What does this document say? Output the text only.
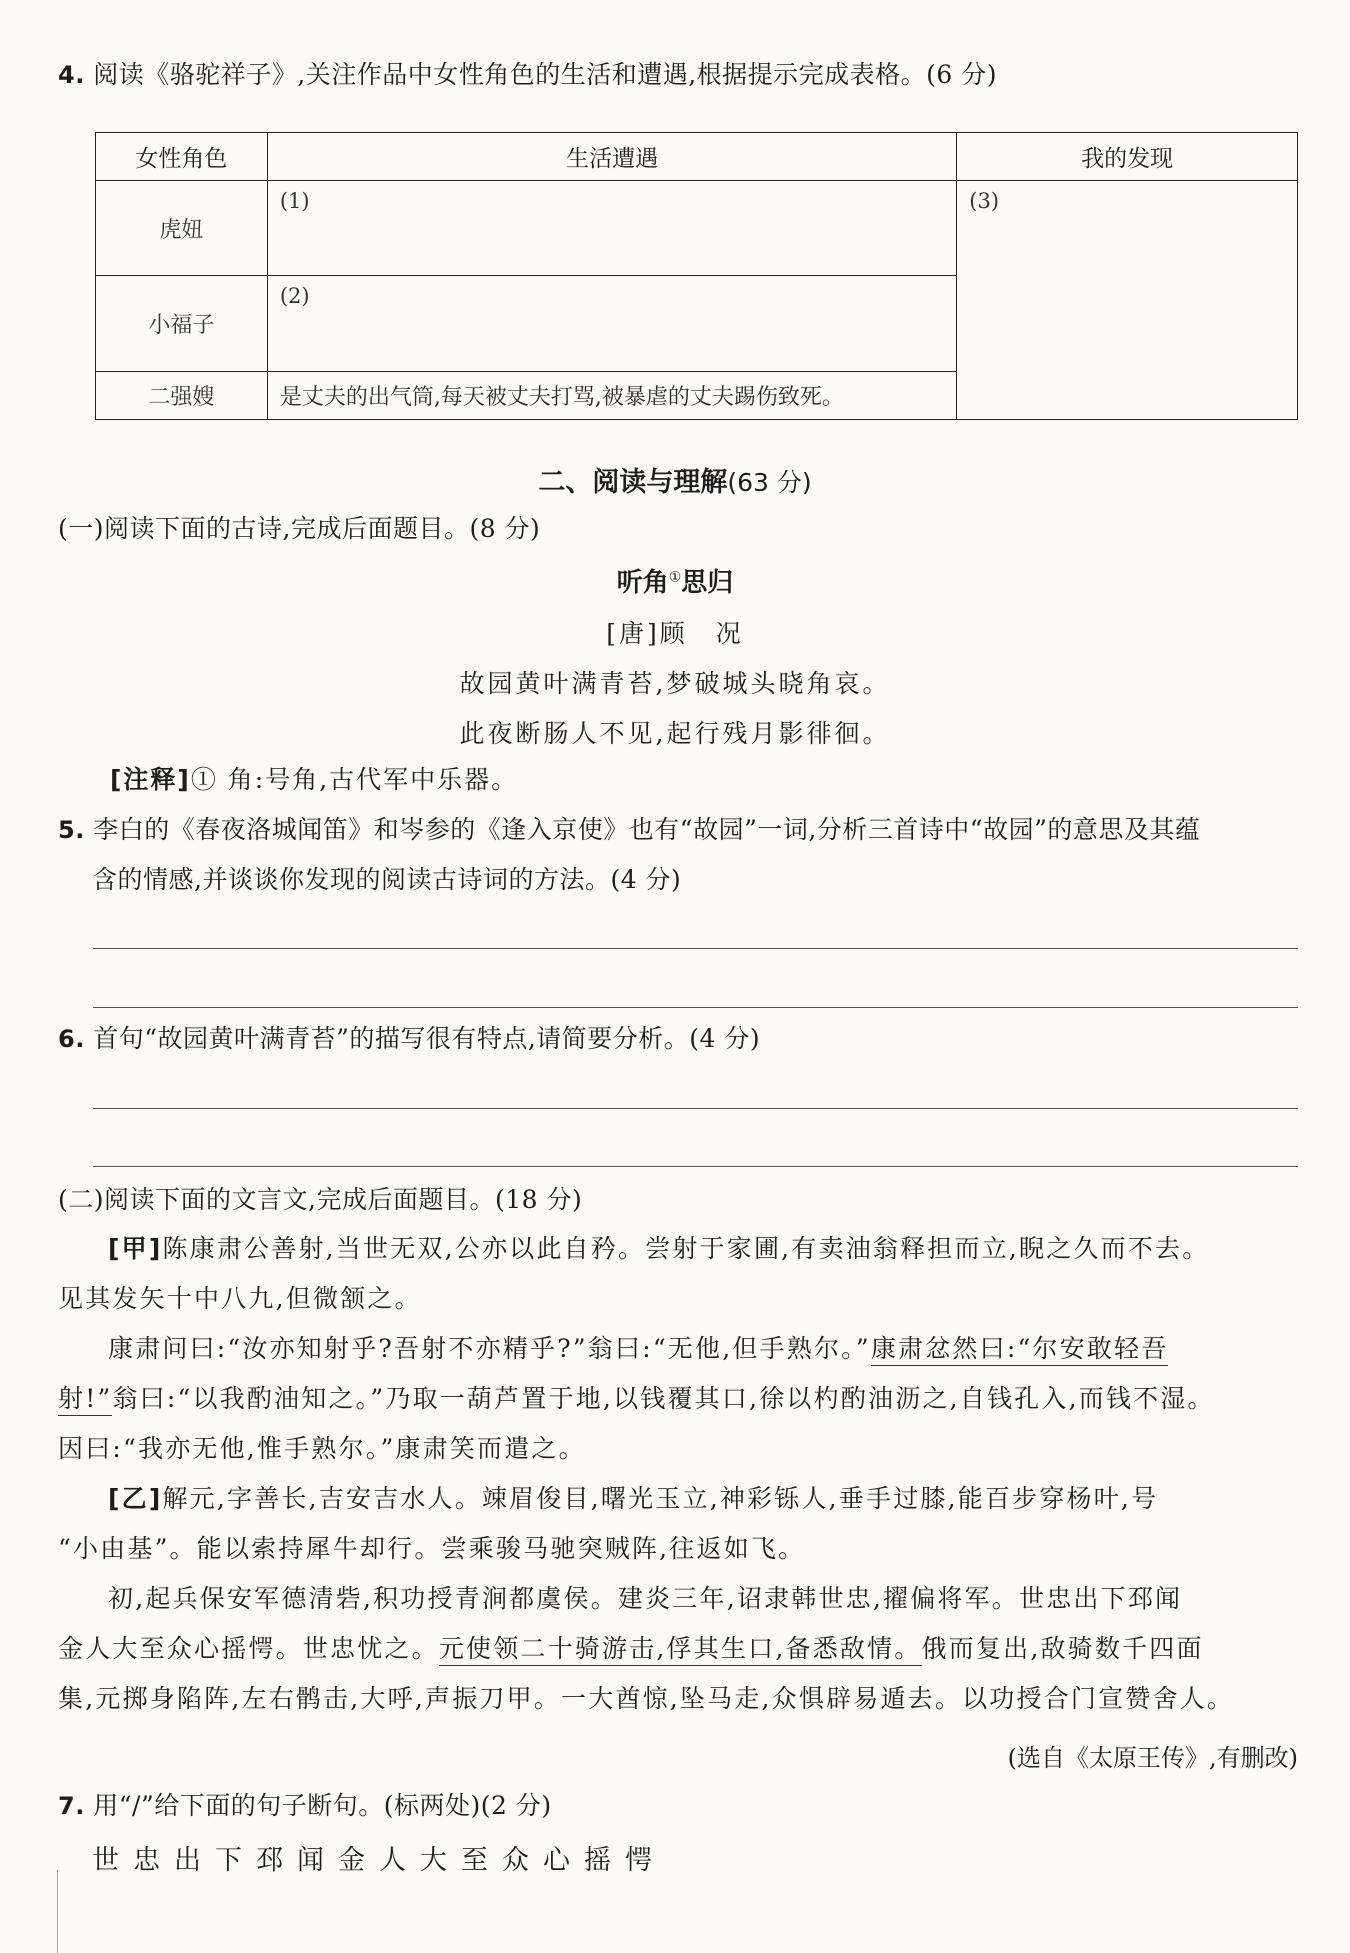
4. 阅读《骆驼祥子》,关注作品中女性角色的生活和遭遇,根据提示完成表格。(6 分)
女性角色	生活遭遇	我的发现
虎妞	(1)	(3)

小福子	(2)	

二强嫂	是丈夫的出气筒,每天被丈夫打骂,被暴虐的丈夫踢伤致死。	
二、阅读与理解(63 分)
(一)阅读下面的古诗,完成后面题目。(8 分)
听角①思归
[唐]顾　况
故园黄叶满青苔,梦破城头晓角哀。
此夜断肠人不见,起行残月影徘徊。
[注释]① 角:号角,古代军中乐器。
5. 李白的《春夜洛城闻笛》和岑参的《逢入京使》也有“故园”一词,分析三首诗中“故园”的意思及其蕴
含的情感,并谈谈你发现的阅读古诗词的方法。(4 分)
6. 首句“故园黄叶满青苔”的描写很有特点,请简要分析。(4 分)
(二)阅读下面的文言文,完成后面题目。(18 分)
[甲]陈康肃公善射,当世无双,公亦以此自矜。尝射于家圃,有卖油翁释担而立,睨之久而不去。
见其发矢十中八九,但微颔之。
康肃问曰:“汝亦知射乎?吾射不亦精乎?”翁曰:“无他,但手熟尔。”康肃忿然曰:“尔安敢轻吾
射!”翁曰:“以我酌油知之。”乃取一葫芦置于地,以钱覆其口,徐以杓酌油沥之,自钱孔入,而钱不湿。
因曰:“我亦无他,惟手熟尔。”康肃笑而遣之。
[乙]解元,字善长,吉安吉水人。竦眉俊目,曙光玉立,神彩铄人,垂手过膝,能百步穿杨叶,号
“小由基”。能以索持犀牛却行。尝乘骏马驰突贼阵,往返如飞。
初,起兵保安军德清砦,积功授青涧都虞侯。建炎三年,诏隶韩世忠,擢偏将军。世忠出下邳闻
金人大至众心摇愕。世忠忧之。元使领二十骑游击,俘其生口,备悉敌情。俄而复出,敌骑数千四面
集,元掷身陷阵,左右鹘击,大呼,声振刀甲。一大酋惊,坠马走,众惧辟易遁去。以功授合门宣赞舍人。
(选自《太原王传》,有删改)
7. 用“/”给下面的句子断句。(标两处)(2 分)
世忠出下邳闻金人大至众心摇愕
